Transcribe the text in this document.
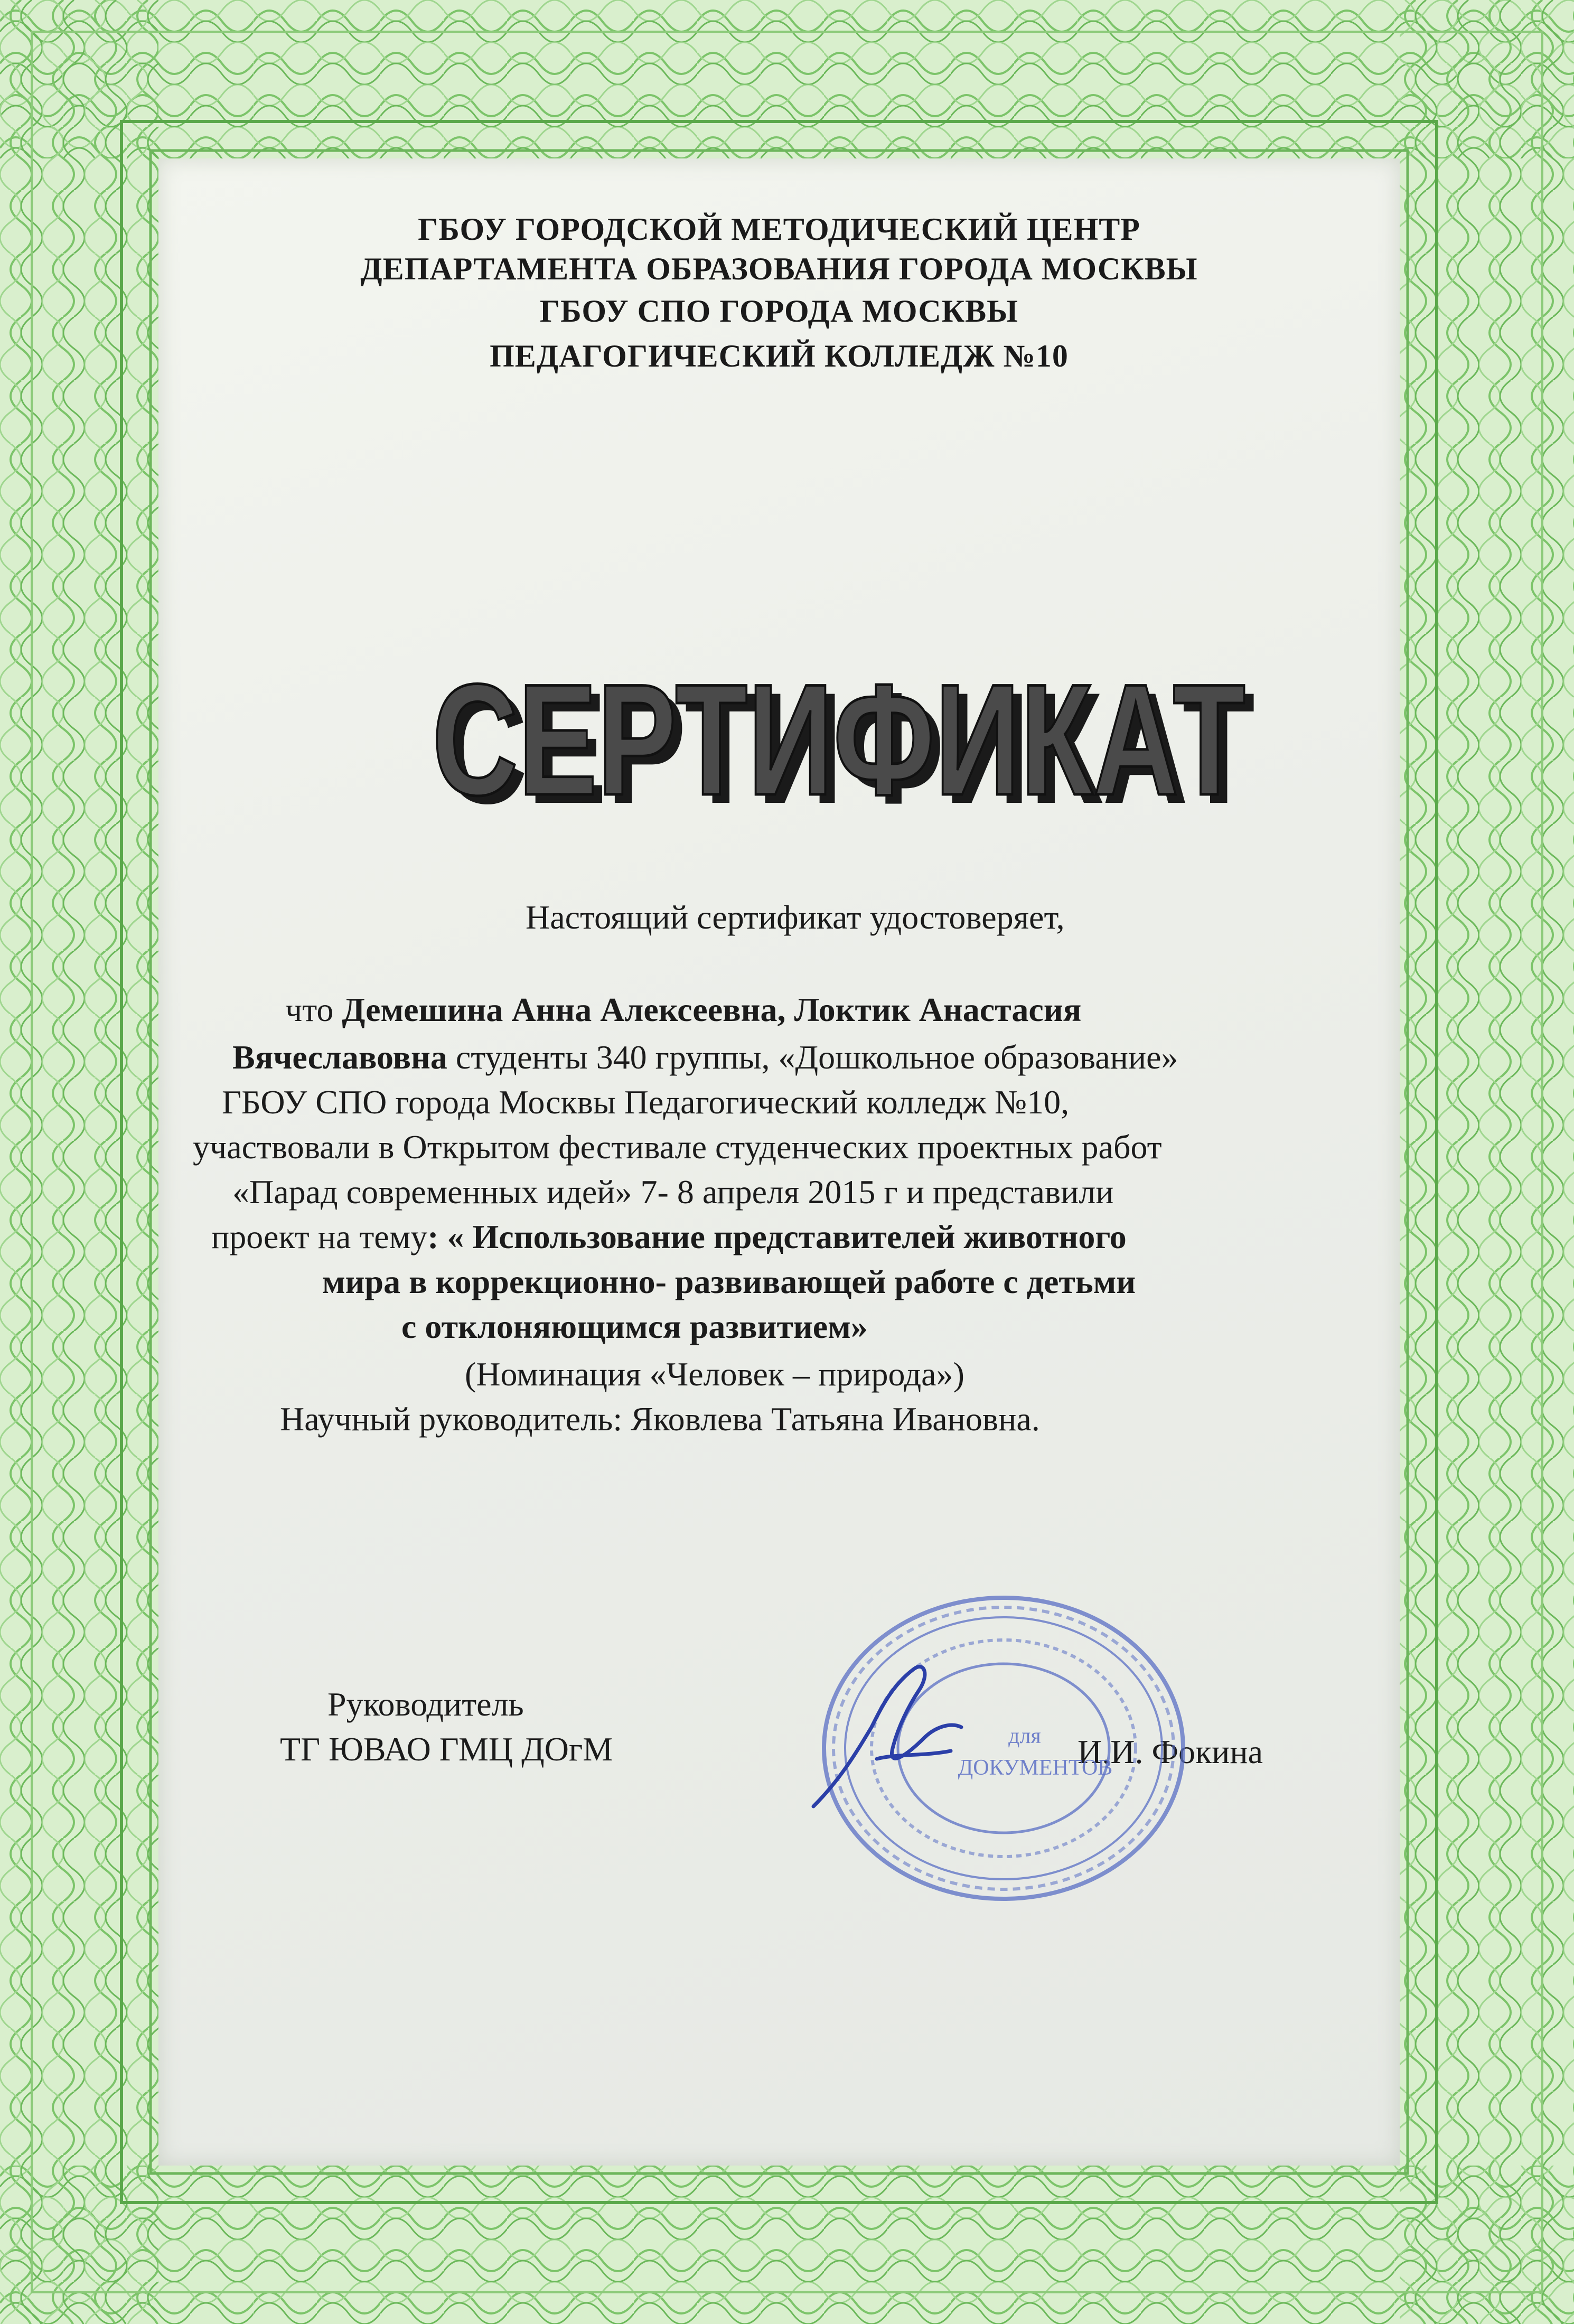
ГБОУ ГОРОДСКОЙ МЕТОДИЧЕСКИЙ ЦЕНТР
ДЕПАРТАМЕНТА ОБРАЗОВАНИЯ ГОРОДА МОСКВЫ
ГБОУ СПО ГОРОДА МОСКВЫ
ПЕДАГОГИЧЕСКИЙ КОЛЛЕДЖ №10
СЕРТИФИКАТ
СЕРТИФИКАТ
Настоящий сертификат удостоверяет,
что Демешина Анна Алексеевна, Локтик Анастасия
Вячеславовна студенты 340 группы, «Дошкольное образование»
ГБОУ СПО города Москвы Педагогический колледж №10,
участвовали в Открытом фестивале студенческих проектных работ
«Парад современных идей» 7- 8 апреля 2015 г и представили
проект на тему: « Использование представителей животного
мира в коррекционно- развивающей работе с детьми
с отклоняющимся развитием»
(Номинация «Человек – природа»)
Научный руководитель: Яковлева Татьяна Ивановна.
Руководитель
ТГ ЮВАО ГМЦ ДОгМ	И.И. Фокина
для
ДОКУМЕНТОВ
